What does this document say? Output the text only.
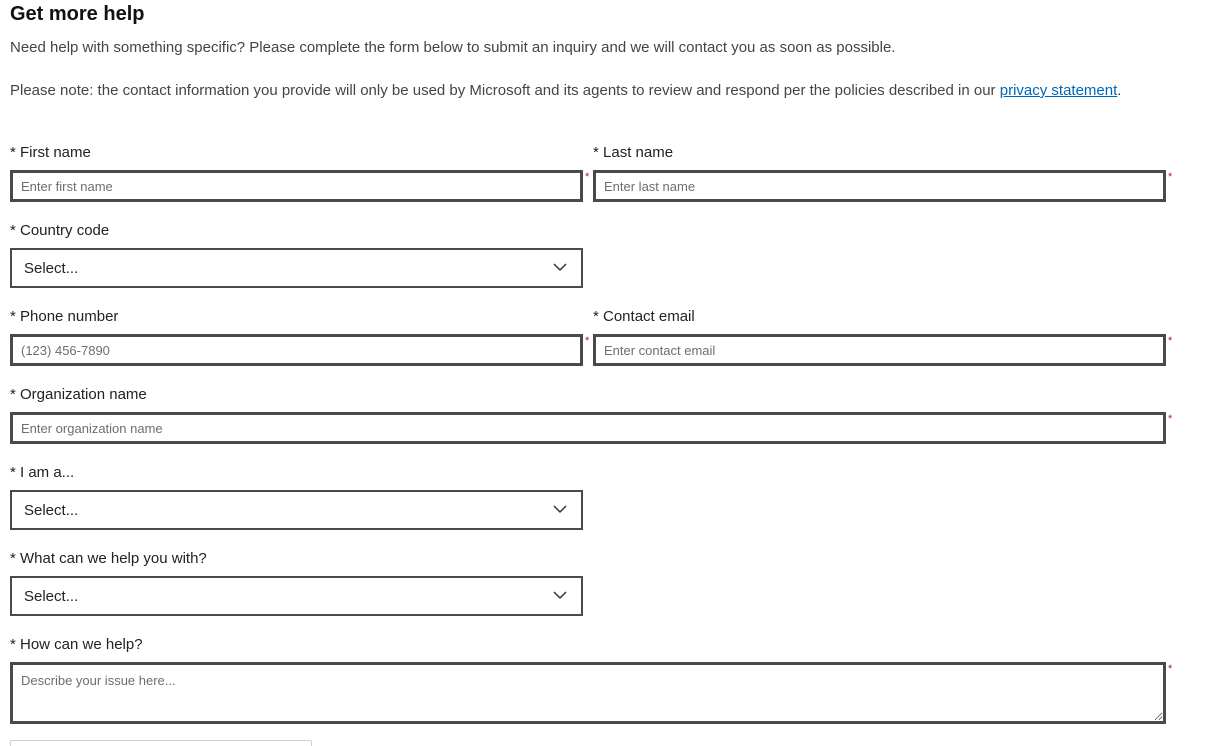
Get more help

Need help with something specific? Please complete the form below to submit an inquiry and we will contact you as soon as possible.

Please note: the contact information you provide will only be used by Microsoft and its agents to review and respond per the policies described in our privacy statement.

* First name
Enter first name
*
* Last name
Enter last name
*
* Country code
Select...
* Phone number
(123) 456-7890
*
* Contact email
Enter contact email
*
* Organization name
Enter organization name
*
* I am a...
Select...
* What can we help you with?
Select...
* How can we help?
Describe your issue here...
*
